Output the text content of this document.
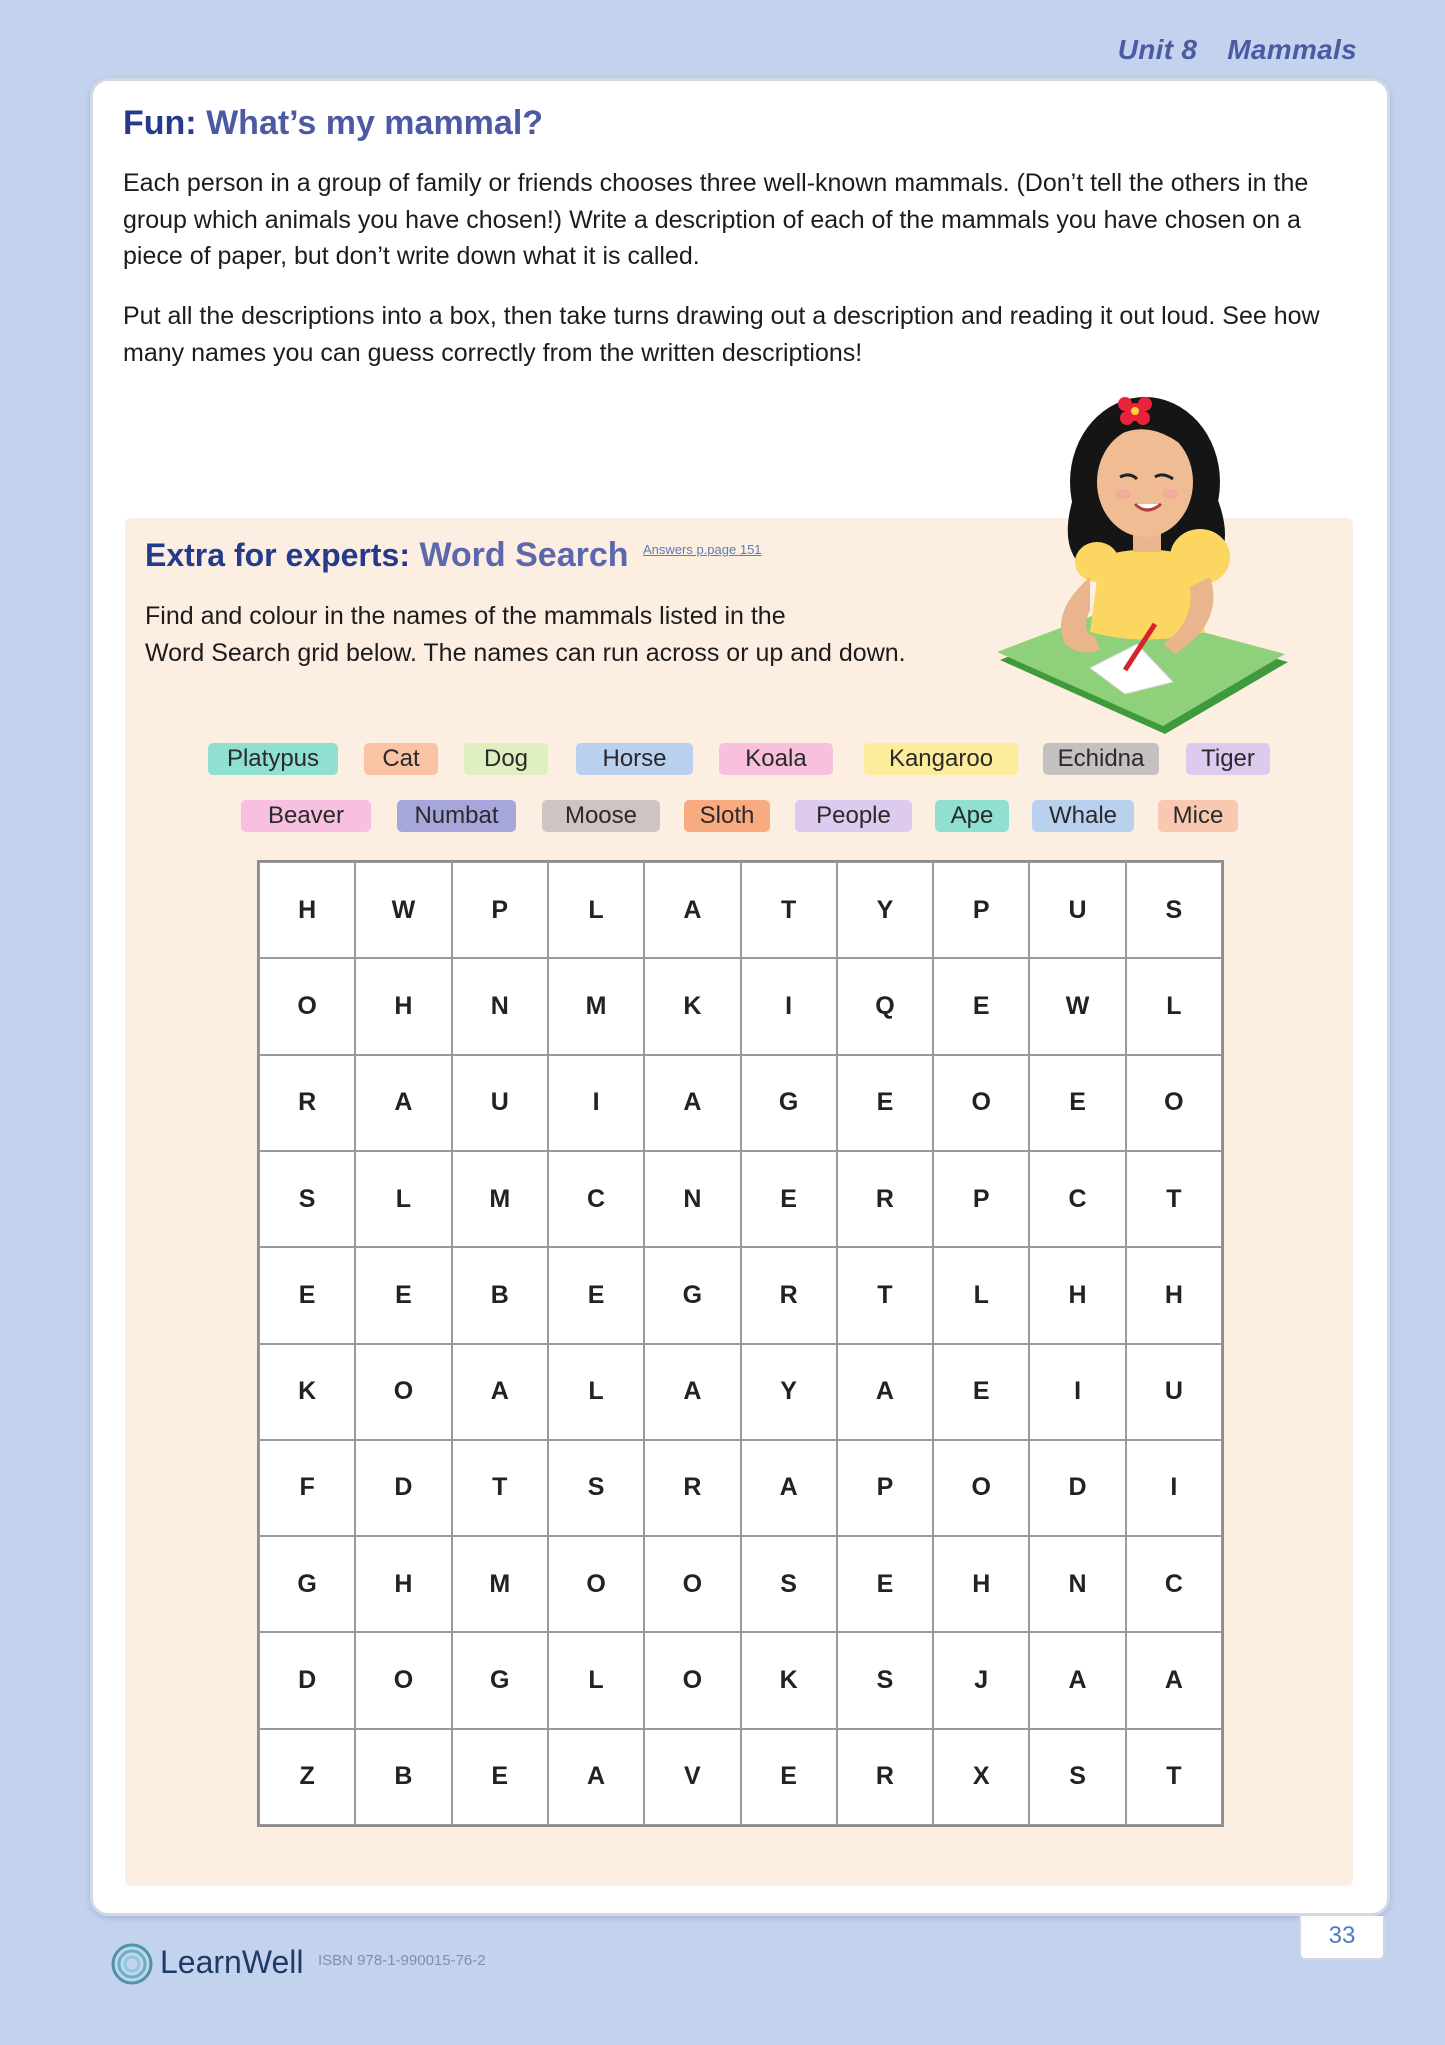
Unit 8 Mammals
Fun: What’s my mammal?
Each person in a group of family or friends chooses three well-known mammals. (Don’t tell the others in the group which animals you have chosen!) Write a description of each of the mammals you have chosen on a piece of paper, but don’t write down what it is called.
Put all the descriptions into a box, then take turns drawing out a description and reading it out loud. See how many names you can guess correctly from the written descriptions!
Extra for experts: Word Search Answers p.page 151
Find and colour in the names of the mammals listed in the
Word Search grid below. The names can run across or up and down.
Platypus	Cat	Dog	Horse	Koala	Kangaroo	Echidna	Tiger
Beaver	Numbat	Moose	Sloth	People	Ape	Whale	Mice
H	W	P	L	A	T	Y	P	U	S
O	H	N	M	K	I	Q	E	W	L
R	A	U	I	A	G	E	O	E	O
S	L	M	C	N	E	R	P	C	T
E	E	B	E	G	R	T	L	H	H
K	O	A	L	A	Y	A	E	I	U
F	D	T	S	R	A	P	O	D	I
G	H	M	O	O	S	E	H	N	C
D	O	G	L	O	K	S	J	A	A
Z	B	E	A	V	E	R	X	S	T
33
LearnWell ISBN 978-1-990015-76-2
